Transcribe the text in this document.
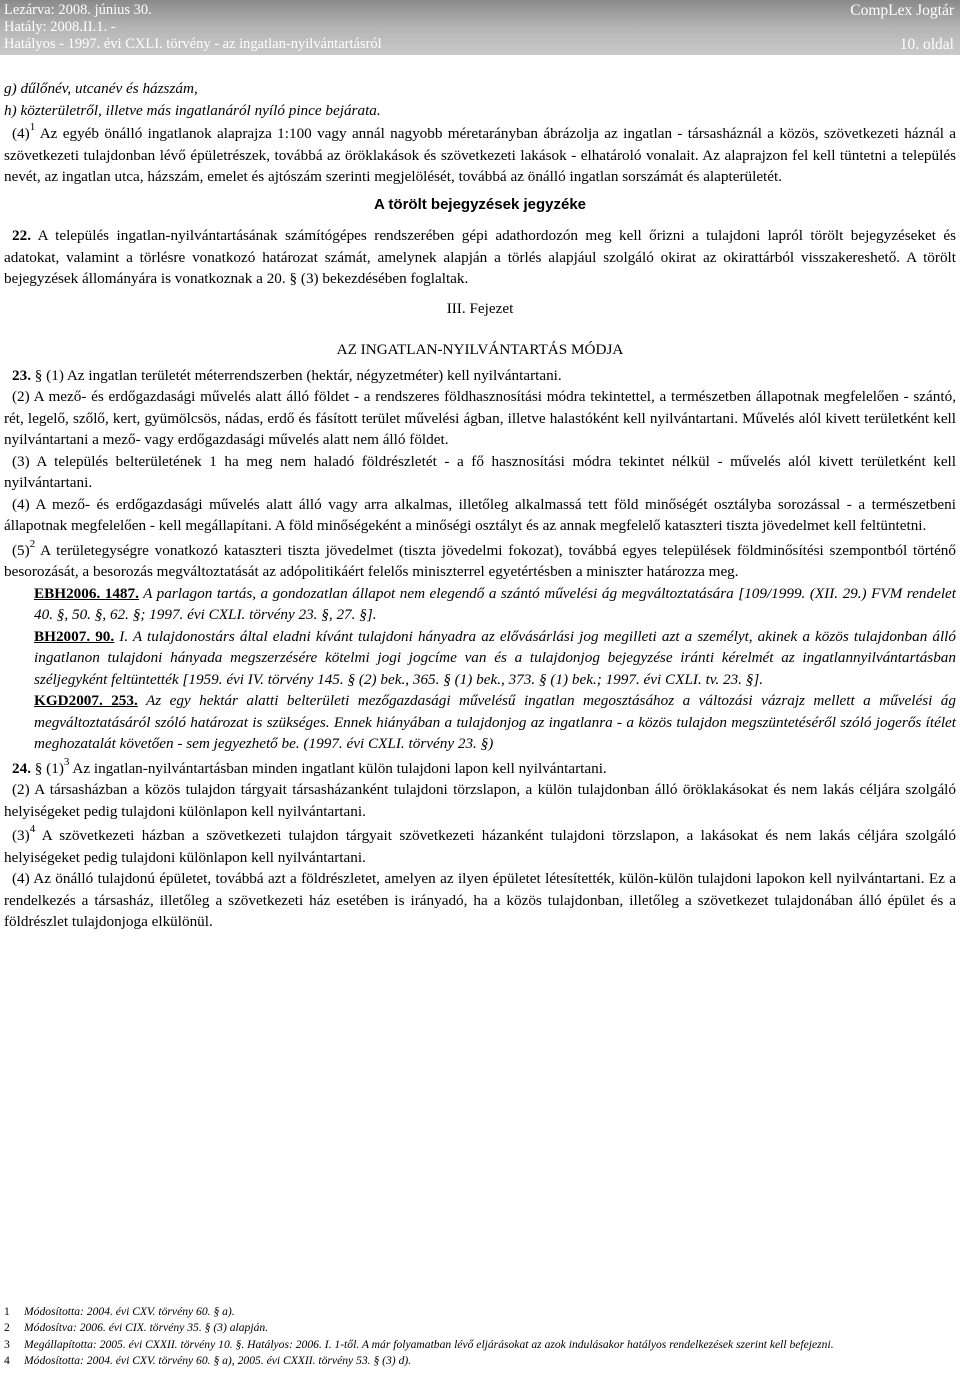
Lezárva: 2008. június 30.	CompLex Jogtár
Hatály: 2008.II.1. -
Hatályos - 1997. évi CXLI. törvény - az ingatlan-nyilvántartásról	10. oldal

g) dűlőnév, utcanév és házszám,

h) közterületről, illetve más ingatlanáról nyíló pince bejárata.

$(4)^1$ Az egyéb önálló ingatlanok alaprajza 1:100 vagy annál nagyobb méretarányban ábrázolja az ingatlan - társasháznál a közös, szövetkezeti háznál a szövetkezeti tulajdonban lévő épületrészek, továbbá az öröklakások és szövetkezeti lakások - elhatároló vonalait. Az alaprajzon fel kell tüntetni a település nevét, az ingatlan utca, házszám, emelet és ajtószám szerinti megjelölését, továbbá az önálló ingatlan sorszámát és alapterületét.

A törölt bejegyzések jegyzéke

22. A település ingatlan-nyilvántartásának számítógépes rendszerében gépi adathordozón meg kell őrizni a tulajdoni lapról törölt bejegyzéseket és adatokat, valamint a törlésre vonatkozó határozat számát, amelynek alapján a törlés alapjául szolgáló okirat az okirattárból visszakereshető. A törölt bejegyzések állományára is vonatkoznak a 20. § (3) bekezdésében foglaltak.

III. Fejezet

AZ INGATLAN-NYILVÁNTARTÁS MÓDJA

23. § (1) Az ingatlan területét méterrendszerben (hektár, négyzetméter) kell nyilvántartani.

(2) A mező- és erdőgazdasági művelés alatt álló földet - a rendszeres földhasznosítási módra tekintettel, a természetben állapotnak megfelelően - szántó, rét, legelő, szőlő, kert, gyümölcsös, nádas, erdő és fásított terület művelési ágban, illetve halastóként kell nyilvántartani. Művelés alól kivett területként kell nyilvántartani a mező- vagy erdőgazdasági művelés alatt nem álló földet.

(3) A település belterületének 1 ha meg nem haladó földrészletét - a fő hasznosítási módra tekintet nélkül - művelés alól kivett területként kell nyilvántartani.

(4) A mező- és erdőgazdasági művelés alatt álló vagy arra alkalmas, illetőleg alkalmassá tett föld minőségét osztályba sorozással - a természetbeni állapotnak megfelelően - kell megállapítani. A föld minőségeként a minőségi osztályt és az annak megfelelő kataszteri tiszta jövedelmet kell feltüntetni.

$(5)^2$ A területegységre vonatkozó kataszteri tiszta jövedelmet (tiszta jövedelmi fokozat), továbbá egyes települések földminősítési szempontból történő besorozását, a besorozás megváltoztatását az adópolitikáért felelős miniszterrel egyetértésben a miniszter határozza meg.

EBH2006. 1487. A parlagon tartás, a gondozatlan állapot nem elegendő a szántó művelési ág megváltoztatására [109/1999. (XII. 29.) FVM rendelet 40. §, 50. §, 62. §; 1997. évi CXLI. törvény 23. §, 27. §].

BH2007. 90. I. A tulajdonostárs által eladni kívánt tulajdoni hányadra az elővásárlási jog megilleti azt a személyt, akinek a közös tulajdonban álló ingatlanon tulajdoni hányada megszerzésére kötelmi jogi jogcíme van és a tulajdonjog bejegyzése iránti kérelmét az ingatlannyilvántartásban széljegyként feltüntették [1959. évi IV. törvény 145. § (2) bek., 365. § (1) bek., 373. § (1) bek.; 1997. évi CXLI. tv. 23. §].

KGD2007. 253. Az egy hektár alatti belterületi mezőgazdasági művelésű ingatlan megosztásához a változási vázrajz mellett a művelési ág megváltoztatásáról szóló határozat is szükséges. Ennek hiányában a tulajdonjog az ingatlanra - a közös tulajdon megszüntetéséről szóló jogerős ítélet meghozatalát követően - sem jegyezhető be. (1997. évi CXLI. törvény 23. §)

24. § $(1)^3$ Az ingatlan-nyilvántartásban minden ingatlant külön tulajdoni lapon kell nyilvántartani.

(2) A társasházban a közös tulajdon tárgyait társasházanként tulajdoni törzslapon, a külön tulajdonban álló öröklakásokat és nem lakás céljára szolgáló helyiségeket pedig tulajdoni különlapon kell nyilvántartani.

$(3)^4$ A szövetkezeti házban a szövetkezeti tulajdon tárgyait szövetkezeti házanként tulajdoni törzslapon, a lakásokat és nem lakás céljára szolgáló helyiségeket pedig tulajdoni különlapon kell nyilvántartani.

(4) Az önálló tulajdonú épületet, továbbá azt a földrészletet, amelyen az ilyen épületet létesítették, külön-külön tulajdoni lapokon kell nyilvántartani. Ez a rendelkezés a társasház, illetőleg a szövetkezeti ház esetében is irányadó, ha a közös tulajdonban, illetőleg a szövetkezet tulajdonában álló épület és a földrészlet tulajdonjoga elkülönül.

1 Módosította: 2004. évi CXV. törvény 60. § a).
2 Módosítva: 2006. évi CIX. törvény 35. § (3) alapján.
3 Megállapította: 2005. évi CXXII. törvény 10. §. Hatályos: 2006. I. 1-től. A már folyamatban lévő eljárásokat az azok indulásakor hatályos rendelkezések szerint kell befejezni.
4 Módosította: 2004. évi CXV. törvény 60. § a), 2005. évi CXXII. törvény 53. § (3) d).
